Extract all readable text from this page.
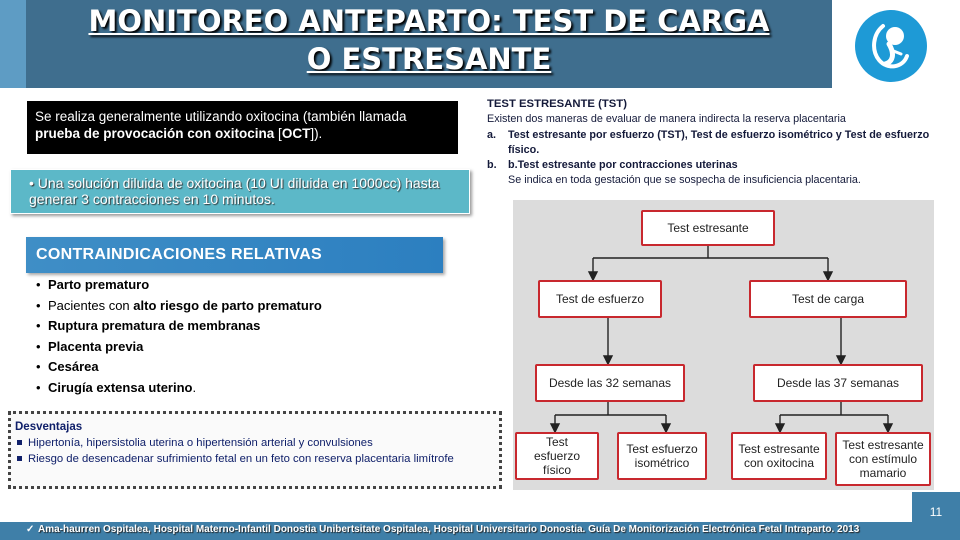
MONITOREO ANTEPARTO: TEST DE CARGA
O ESTRESANTE
Se realiza generalmente utilizando oxitocina (también llamada prueba de provocación con oxitocina [OCT]).
• Una solución diluida de oxitocina (10 UI diluida en 1000cc) hasta generar 3 contracciones en 10 minutos.
CONTRAINDICACIONES RELATIVAS
• Parto prematuro
• Pacientes con alto riesgo de parto prematuro
• Ruptura prematura de membranas
• Placenta previa
• Cesárea
• Cirugía extensa uterino.
Desventajas
Hipertonía, hipersistolia uterina o hipertensión arterial y convulsiones
Riesgo de desencadenar sufrimiento fetal en un feto con reserva placentaria limítrofe
TEST ESTRESANTE (TST)
Existen dos maneras de evaluar de manera indirecta la reserva placentaria
a. Test estresante por esfuerzo (TST), Test de esfuerzo isométrico y Test de esfuerzo físico.
b. b.Test estresante por contracciones uterinas
Se indica en toda gestación que se sospecha de insuficiencia placentaria.
Test estresante
Test de esfuerzo	Test de carga
Desde las 32 semanas	Desde las 37 semanas
Test esfuerzo físico
Test esfuerzo isométrico
Test estresante con oxitocina
Test estresante con estímulo mamario
✓ Ama-haurren Ospitalea, Hospital Materno-Infantil Donostia Unibertsitate Ospitalea, Hospital Universitario Donostia. Guía De Monitorización Electrónica Fetal Intraparto. 2013
11
